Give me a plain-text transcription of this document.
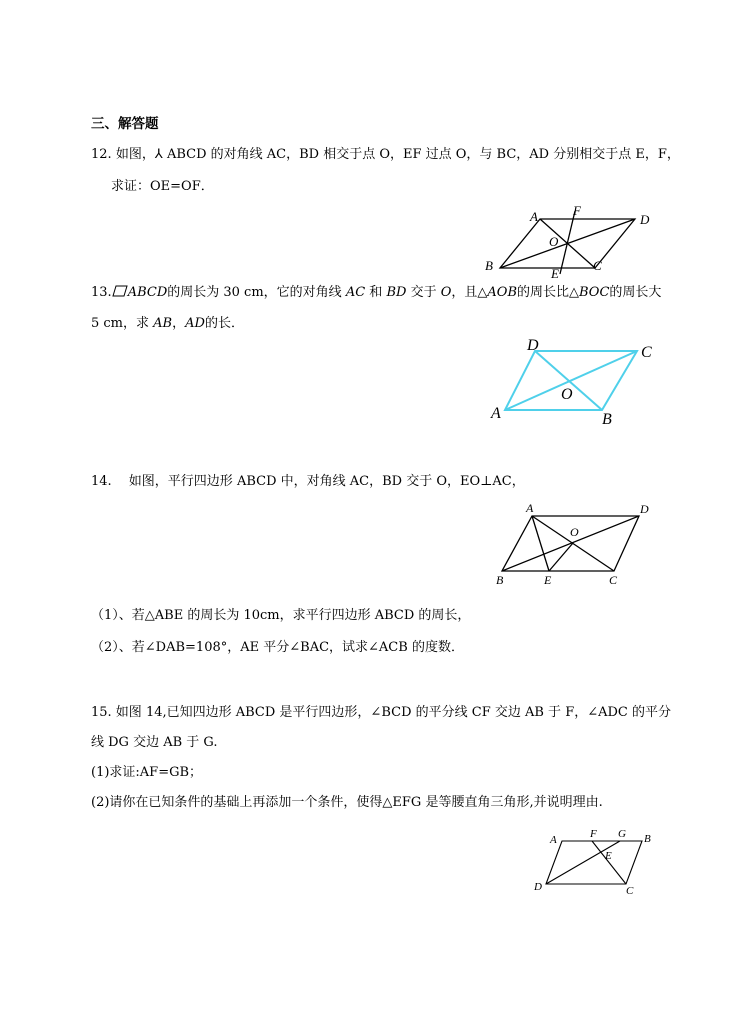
三、解答题
12. 如图，⅄ ABCD 的对角线 AC，BD 相交于点 O，EF 过点 O，与 BC，AD 分别相交于点 E，F，
求证：OE=OF．
A	F
D
O
B
E
C
13. ABCD的周长为 30 cm，它的对角线 AC 和 BD 交于 O，且△AOB的周长比△BOC的周长大
5 cm，求 AB，AD的长．
D	C
O
A	B
14.　 如图，平行四边形 ABCD 中，对角线 AC，BD 交于 O，EO⊥AC，
A	D
O
B	E	C
（1）、若△ABE 的周长为 10cm，求平行四边形 ABCD 的周长，
（2）、若∠DAB=108°，AE 平分∠BAC，试求∠ACB 的度数．
15. 如图 14,已知四边形 ABCD 是平行四边形，∠BCD 的平分线 CF 交边 AB 于 F，∠ADC 的平分
线 DG 交边 AB 于 G.
(1)求证:AF=GB；
(2)请你在已知条件的基础上再添加一个条件，使得△EFG 是等腰直角三角形,并说明理由.
A	F G B
E
D	C
